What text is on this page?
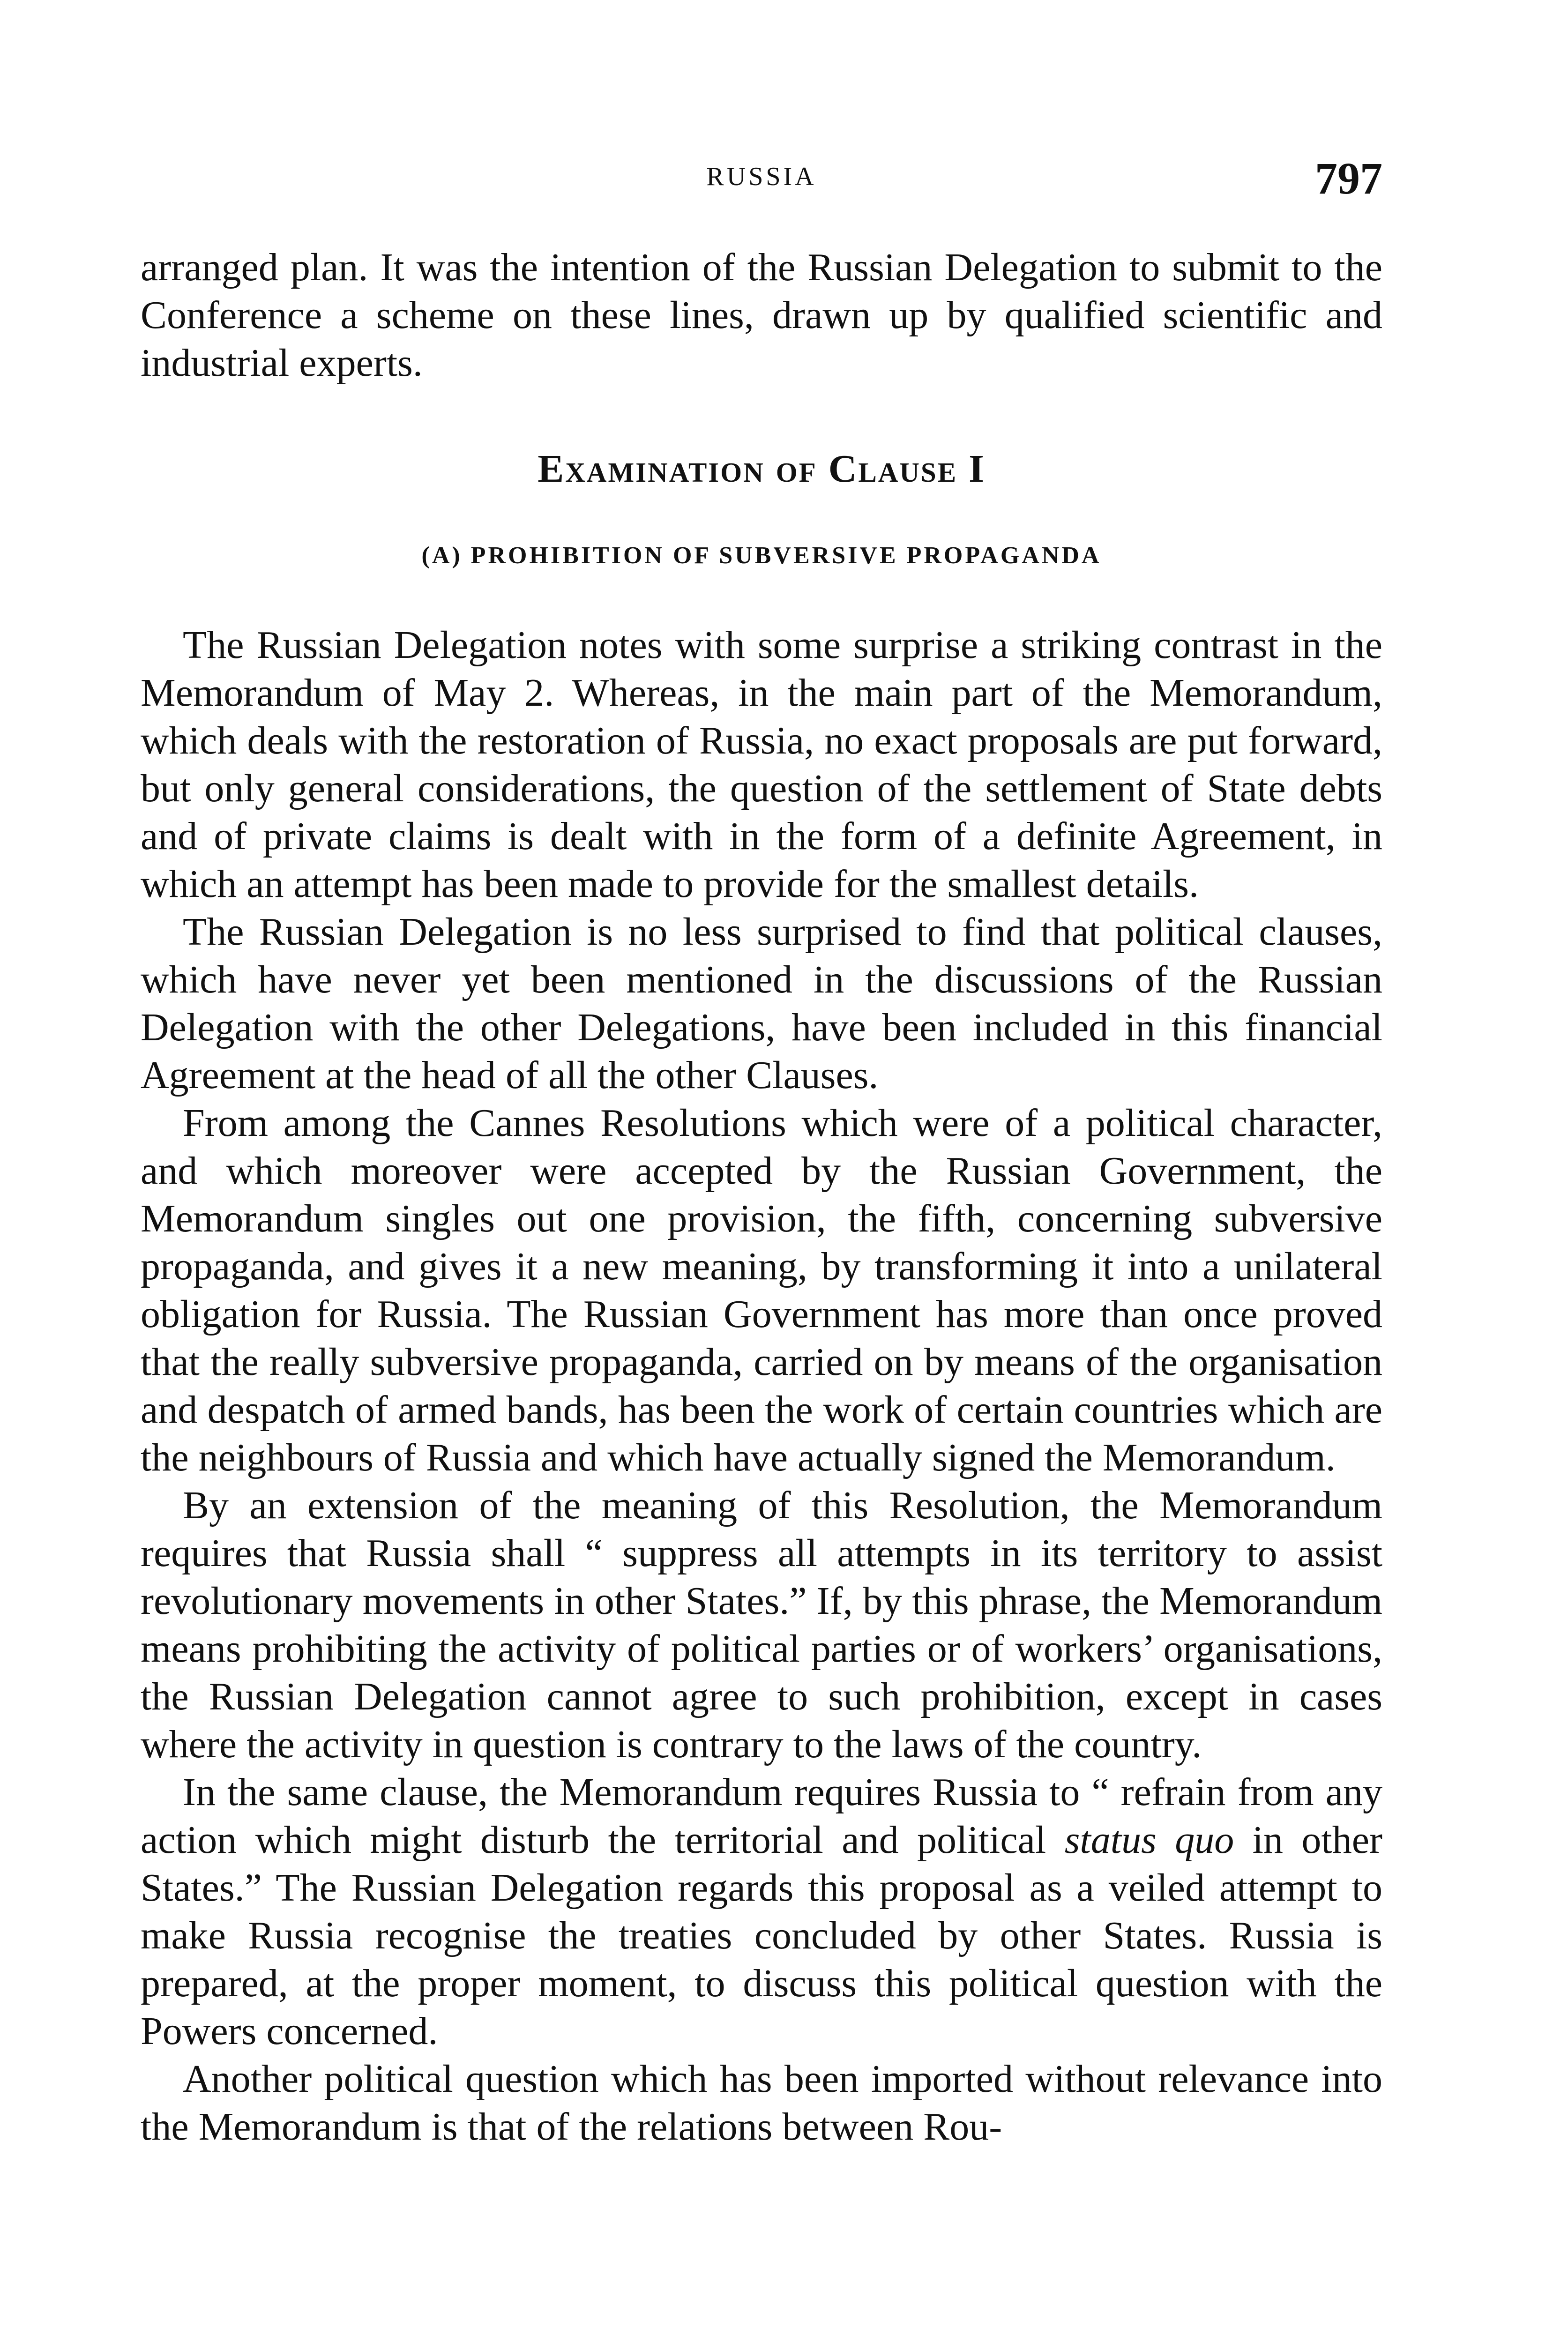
RUSSIA	797

arranged plan. It was the intention of the Russian Delegation to submit to the Conference a scheme on these lines, drawn up by qualified scientific and industrial experts.

Examination of Clause I
(A) PROHIBITION OF SUBVERSIVE PROPAGANDA

The Russian Delegation notes with some surprise a striking contrast in the Memorandum of May 2. Whereas, in the main part of the Memorandum, which deals with the restoration of Russia, no exact proposals are put forward, but only general considerations, the question of the settlement of State debts and of private claims is dealt with in the form of a definite Agreement, in which an attempt has been made to provide for the smallest details.

The Russian Delegation is no less surprised to find that political clauses, which have never yet been mentioned in the discussions of the Russian Delegation with the other Delegations, have been included in this financial Agreement at the head of all the other Clauses.

From among the Cannes Resolutions which were of a political character, and which moreover were accepted by the Russian Government, the Memorandum singles out one provision, the fifth, concerning subversive propaganda, and gives it a new meaning, by transforming it into a unilateral obligation for Russia. The Russian Government has more than once proved that the really subversive propaganda, carried on by means of the organisation and despatch of armed bands, has been the work of certain countries which are the neighbours of Russia and which have actually signed the Memorandum.

By an extension of the meaning of this Resolution, the Memorandum requires that Russia shall “ suppress all attempts in its territory to assist revolutionary movements in other States.” If, by this phrase, the Memorandum means prohibiting the activity of political parties or of workers’ organisations, the Russian Delegation cannot agree to such prohibition, except in cases where the activity in question is contrary to the laws of the country.

In the same clause, the Memorandum requires Russia to “ refrain from any action which might disturb the territorial and political status quo in other States.” The Russian Delegation regards this proposal as a veiled attempt to make Russia recognise the treaties concluded by other States. Russia is prepared, at the proper moment, to discuss this political question with the Powers concerned.

Another political question which has been imported without relevance into the Memorandum is that of the relations between Rou-
